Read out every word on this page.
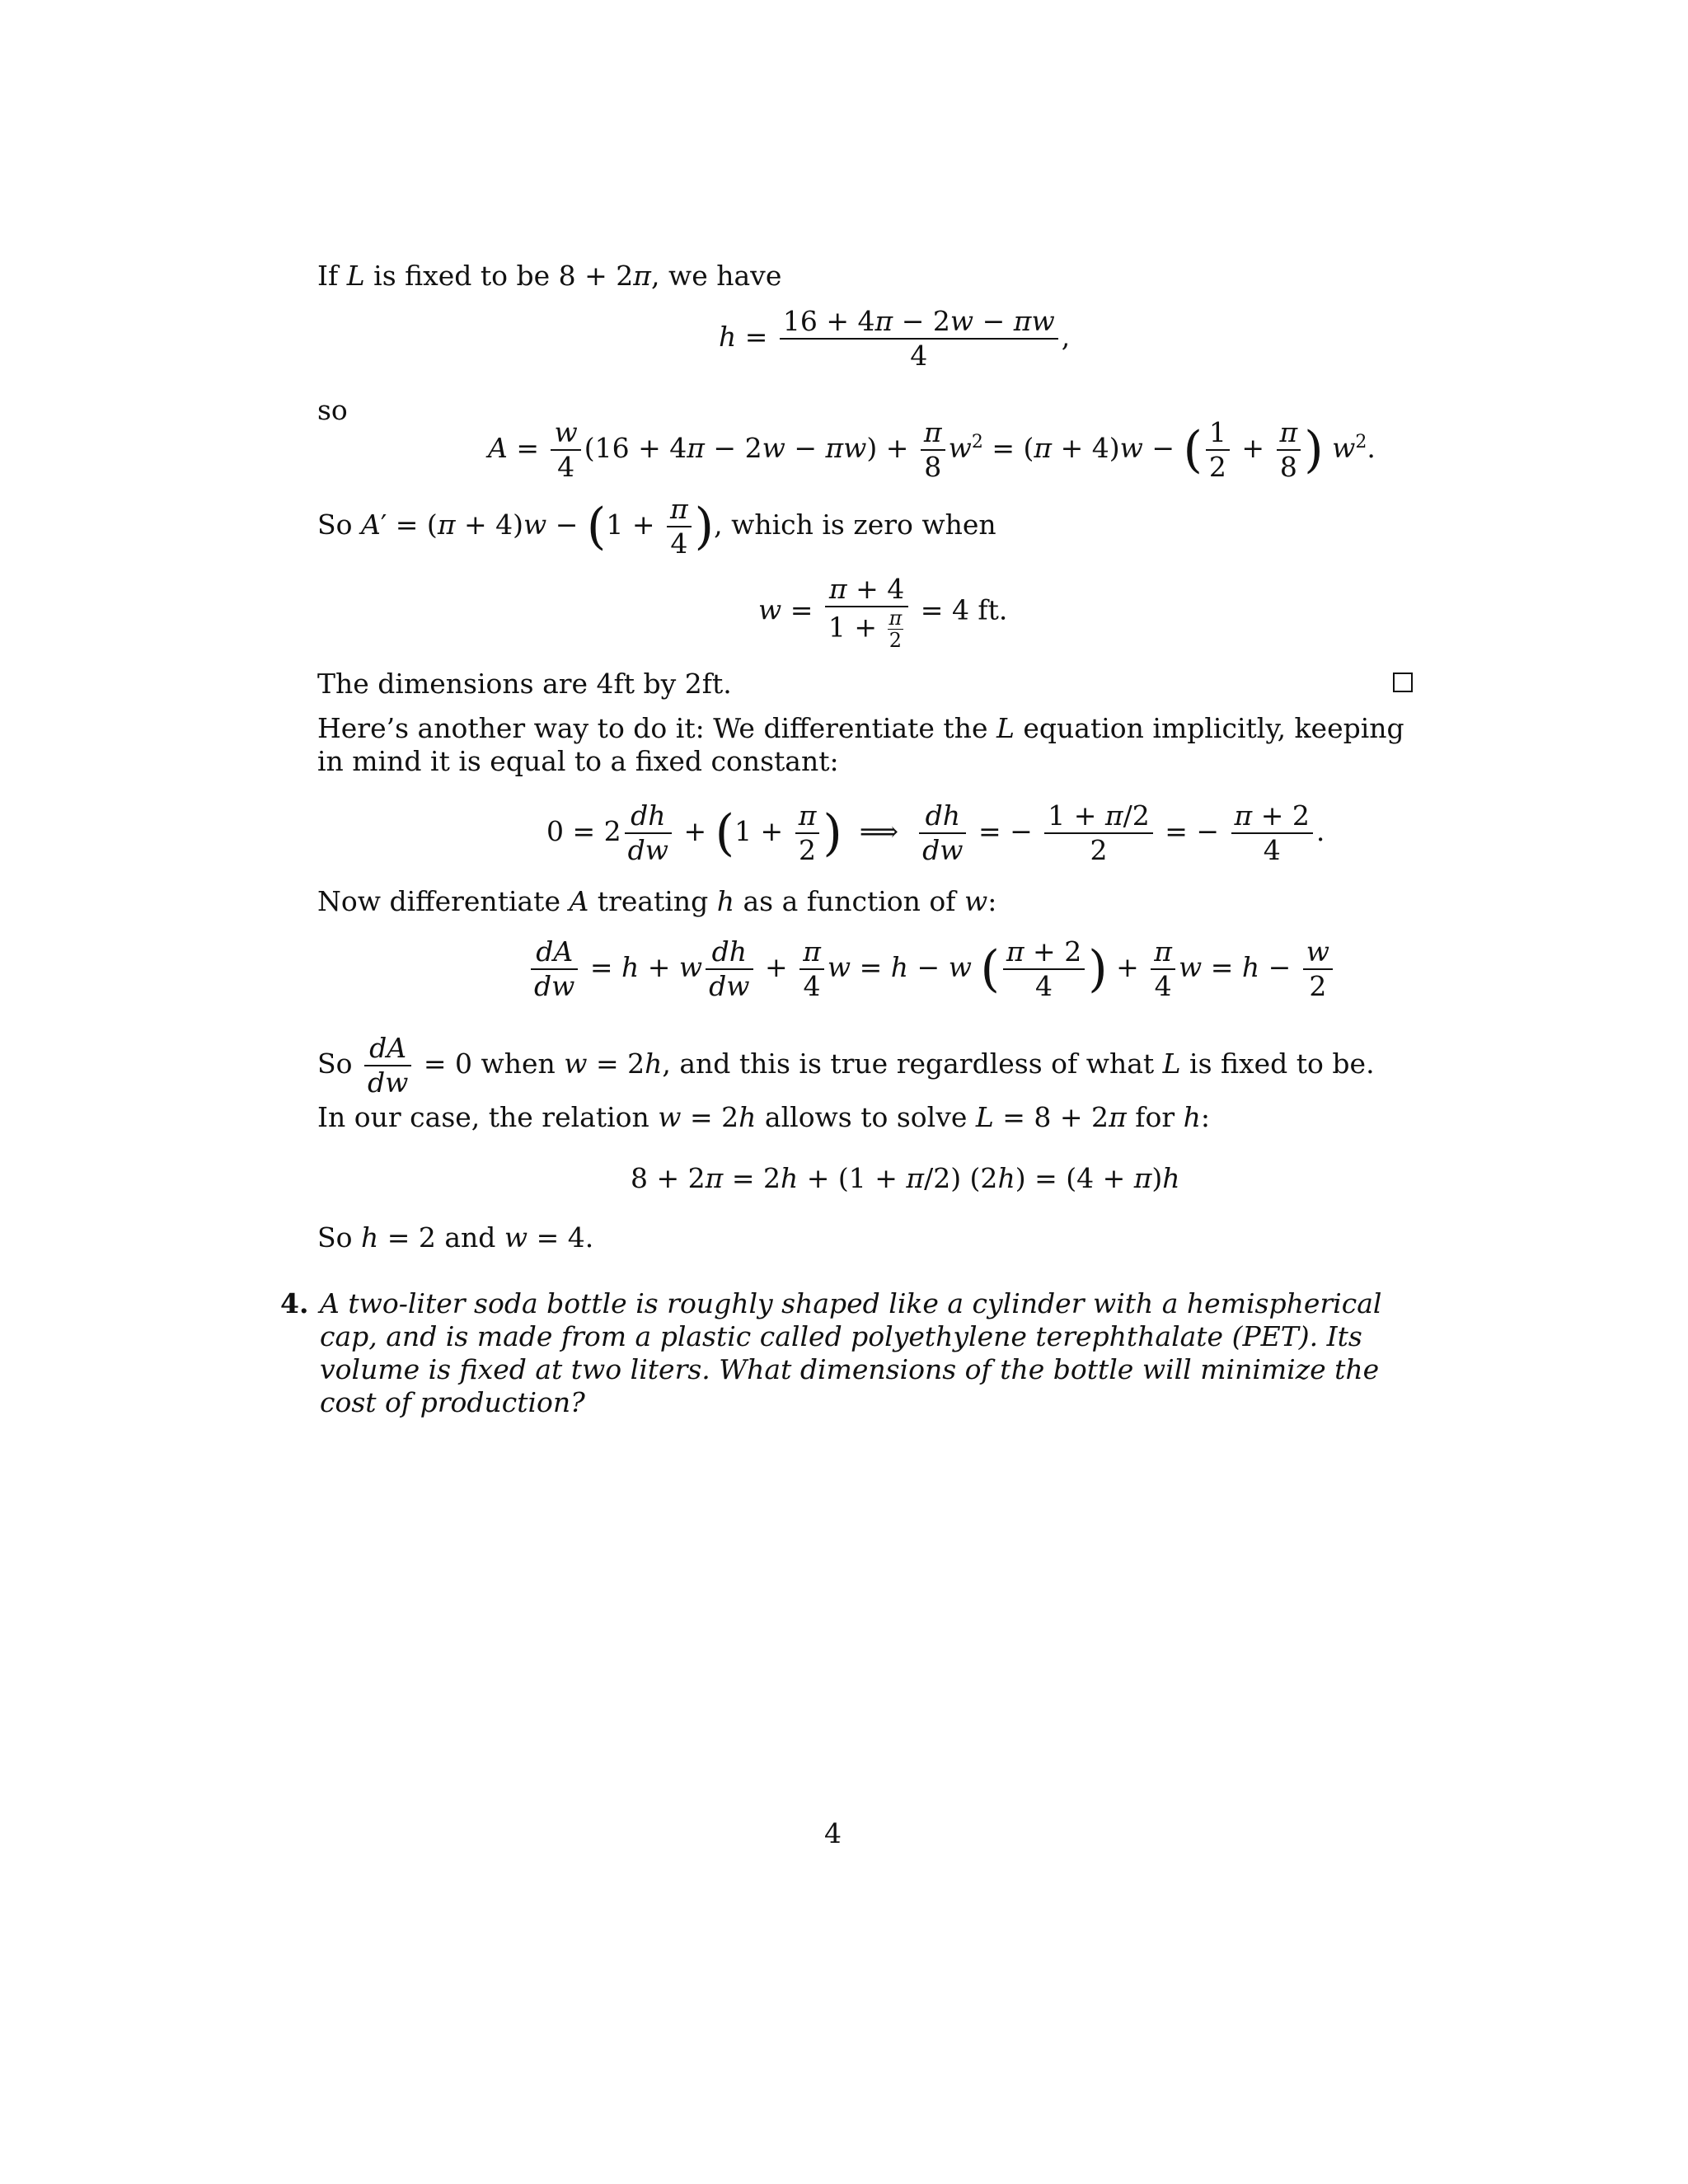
If L is fixed to be 8 + 2π, we have
$h = \frac{16 + 4\pi - 2w - \pi w}{4}$ ,
so
$A = \frac{w}{4} (16 + 4\pi - 2w - \pi w) + \frac{\pi}{8} w^2 = (\pi + 4)w$ − ( $\frac{1}{2} + \frac{\pi}{8}$ ) $w^2$.
So $A' = (\pi + 4)w - (1 + \frac{\pi}{4}$ ), which is zero when
$w = \frac{\pi + 4}{1 + \frac{\pi}{2}} = 4$ ft.
The dimensions are 4ft by 2ft.
Here’s another way to do it: We differentiate the L equation implicitly, keeping in mind it is equal to a fixed constant:
$0 = 2 \frac{dh}{dw} + (1 + \frac{\pi}{2}$ )  ⟹ $\frac{dh}{dw}$ = − $\frac{1 + \pi/2}{2}$ = − $\frac{\pi + 2}{4}$ .
Now differentiate A treating h as a function of w:
$\frac{dA}{dw} = h + w \frac{dh}{dw} + \frac{\pi}{4}$ w = h − w ( $\frac{\pi + 2}{4}$ ) + $\frac{\pi}{4}$ $w = h - \frac{w}{2}$
So $\frac{dA}{dw} = 0$ when w = 2h, and this is true regardless of what L is fixed to be.
In our case, the relation w = 2h allows to solve L = 8 + 2π for h:
8 + 2π = 2h + (1 + π/2) (2h) = (4 + π)h
So h = 2 and w = 4.
4. A two-liter soda bottle is roughly shaped like a cylinder with a hemispherical cap, and is made from a plastic called polyethylene terephthalate (PET). Its volume is fixed at two liters. What dimensions of the bottle will minimize the cost of production?
4
